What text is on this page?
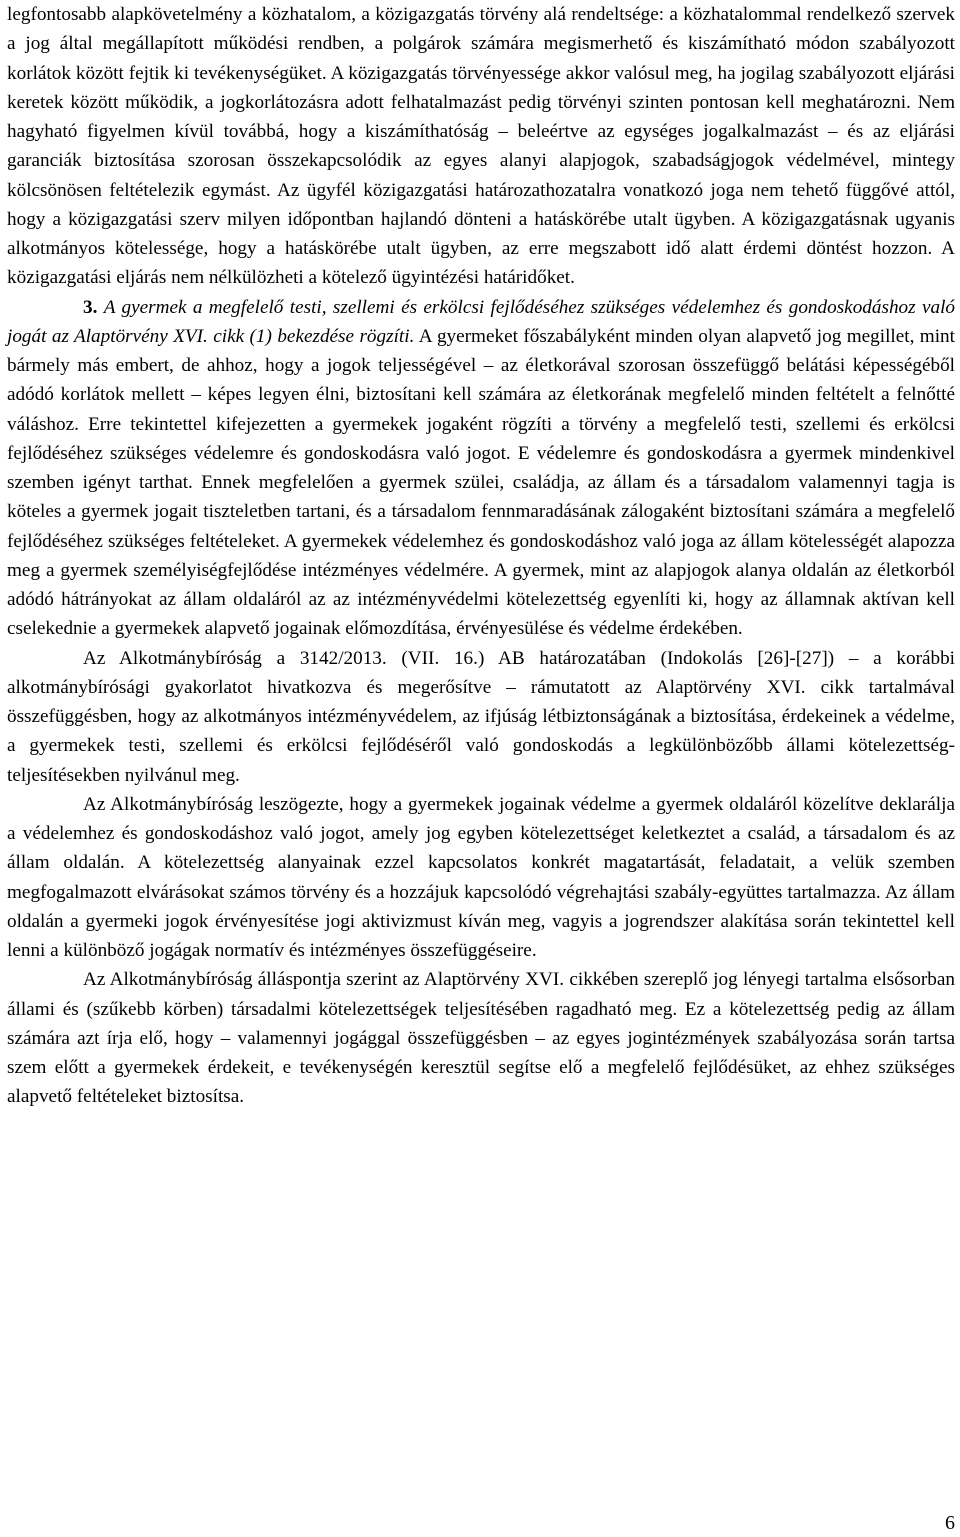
legfontosabb alapkövetelmény a közhatalom, a közigazgatás törvény alá rendeltsége: a közhatalommal rendelkező szervek a jog által megállapított működési rendben, a polgárok számára megismerhető és kiszámítható módon szabályozott korlátok között fejtik ki tevékenységüket. A közigazgatás törvényessége akkor valósul meg, ha jogilag szabályozott eljárási keretek között működik, a jogkorlátozásra adott felhatalmazást pedig törvényi szinten pontosan kell meghatározni. Nem hagyható figyelmen kívül továbbá, hogy a kiszámíthatóság – beleértve az egységes jogalkalmazást – és az eljárási garanciák biztosítása szorosan összekapcsolódik az egyes alanyi alapjogok, szabadságjogok védelmével, mintegy kölcsönösen feltételezik egymást. Az ügyfél közigazgatási határozathozatalra vonatkozó joga nem tehető függővé attól, hogy a közigazgatási szerv milyen időpontban hajlandó dönteni a hatáskörébe utalt ügyben. A közigazgatásnak ugyanis alkotmányos kötelessége, hogy a hatáskörébe utalt ügyben, az erre megszabott idő alatt érdemi döntést hozzon. A közigazgatási eljárás nem nélkülözheti a kötelező ügyintézési határidőket.

3. A gyermek a megfelelő testi, szellemi és erkölcsi fejlődéséhez szükséges védelemhez és gondoskodáshoz való jogát az Alaptörvény XVI. cikk (1) bekezdése rögzíti. A gyermeket főszabályként minden olyan alapvető jog megillet, mint bármely más embert, de ahhoz, hogy a jogok teljességével – az életkorával szorosan összefüggő belátási képességéből adódó korlátok mellett – képes legyen élni, biztosítani kell számára az életkorának megfelelő minden feltételt a felnőtté váláshoz. Erre tekintettel kifejezetten a gyermekek jogaként rögzíti a törvény a megfelelő testi, szellemi és erkölcsi fejlődéséhez szükséges védelemre és gondoskodásra való jogot. E védelemre és gondoskodásra a gyermek mindenkivel szemben igényt tarthat. Ennek megfelelően a gyermek szülei, családja, az állam és a társadalom valamennyi tagja is köteles a gyermek jogait tiszteletben tartani, és a társadalom fennmaradásának zálogaként biztosítani számára a megfelelő fejlődéséhez szükséges feltételeket. A gyermekek védelemhez és gondoskodáshoz való joga az állam kötelességét alapozza meg a gyermek személyiségfejlődése intézményes védelmére. A gyermek, mint az alapjogok alanya oldalán az életkorból adódó hátrányokat az állam oldaláról az az intézményvédelmi kötelezettség egyenlíti ki, hogy az államnak aktívan kell cselekednie a gyermekek alapvető jogainak előmozdítása, érvényesülése és védelme érdekében.

Az Alkotmánybíróság a 3142/2013. (VII. 16.) AB határozatában (Indokolás [26]-[27]) – a korábbi alkotmánybírósági gyakorlatot hivatkozva és megerősítve – rámutatott az Alaptörvény XVI. cikk tartalmával összefüggésben, hogy az alkotmányos intézményvédelem, az ifjúság létbiztonságának a biztosítása, érdekeinek a védelme, a gyermekek testi, szellemi és erkölcsi fejlődéséről való gondoskodás a legkülönbözőbb állami kötelezettség-teljesítésekben nyilvánul meg.

Az Alkotmánybíróság leszögezte, hogy a gyermekek jogainak védelme a gyermek oldaláról közelítve deklarálja a védelemhez és gondoskodáshoz való jogot, amely jog egyben kötelezettséget keletkeztet a család, a társadalom és az állam oldalán. A kötelezettség alanyainak ezzel kapcsolatos konkrét magatartását, feladatait, a velük szemben megfogalmazott elvárásokat számos törvény és a hozzájuk kapcsolódó végrehajtási szabály-együttes tartalmazza. Az állam oldalán a gyermeki jogok érvényesítése jogi aktivizmust kíván meg, vagyis a jogrendszer alakítása során tekintettel kell lenni a különböző jogágak normatív és intézményes összefüggéseire.

Az Alkotmánybíróság álláspontja szerint az Alaptörvény XVI. cikkében szereplő jog lényegi tartalma elsősorban állami és (szűkebb körben) társadalmi kötelezettségek teljesítésében ragadható meg. Ez a kötelezettség pedig az állam számára azt írja elő, hogy – valamennyi jogággal összefüggésben – az egyes jogintézmények szabályozása során tartsa szem előtt a gyermekek érdekeit, e tevékenységén keresztül segítse elő a megfelelő fejlődésüket, az ehhez szükséges alapvető feltételeket biztosítsa.

6
